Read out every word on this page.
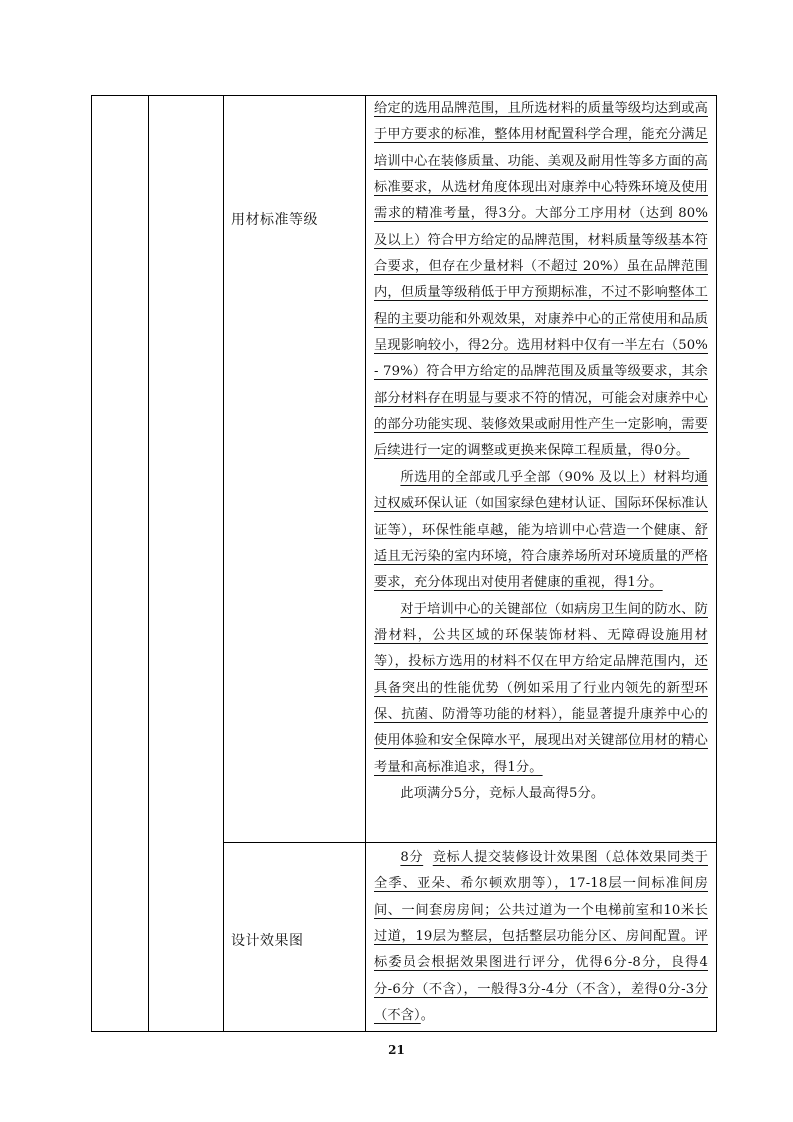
用材标准等级

给定的选用品牌范围，且所选材料的质量等级均达到或高于甲方要求的标准，整体用材配置科学合理，能充分满足培训中心在装修质量、功能、美观及耐用性等多方面的高标准要求，从选材角度体现出对康养中心特殊环境及使用需求的精准考量，得3分。大部分工序用材（达到 80% 及以上）符合甲方给定的品牌范围，材料质量等级基本符合要求，但存在少量材料（不超过 20%）虽在品牌范围内，但质量等级稍低于甲方预期标准，不过不影响整体工程的主要功能和外观效果，对康养中心的正常使用和品质呈现影响较小，得2分。选用材料中仅有一半左右（50% - 79%）符合甲方给定的品牌范围及质量等级要求，其余部分材料存在明显与要求不符的情况，可能会对康养中心的部分功能实现、装修效果或耐用性产生一定影响，需要后续进行一定的调整或更换来保障工程质量，得0分。

所选用的全部或几乎全部（90% 及以上）材料均通过权威环保认证（如国家绿色建材认证、国际环保标准认证等），环保性能卓越，能为培训中心营造一个健康、舒适且无污染的室内环境，符合康养场所对环境质量的严格要求，充分体现出对使用者健康的重视，得1分。

对于培训中心的关键部位（如病房卫生间的防水、防滑材料，公共区域的环保装饰材料、无障碍设施用材等），投标方选用的材料不仅在甲方给定品牌范围内，还具备突出的性能优势（例如采用了行业内领先的新型环保、抗菌、防滑等功能的材料），能显著提升康养中心的使用体验和安全保障水平，展现出对关键部位用材的精心考量和高标准追求，得1分。

此项满分5分，竞标人最高得5分。

设计效果图

8分 竞标人提交装修设计效果图（总体效果同类于全季、亚朵、希尔顿欢朋等），17-18层一间标准间房间、一间套房房间；公共过道为一个电梯前室和10米长过道，19层为整层，包括整层功能分区、房间配置。评标委员会根据效果图进行评分，优得6分-8分，良得4分-6分（不含），一般得3分-4分（不含），差得0分-3分（不含）。

21
